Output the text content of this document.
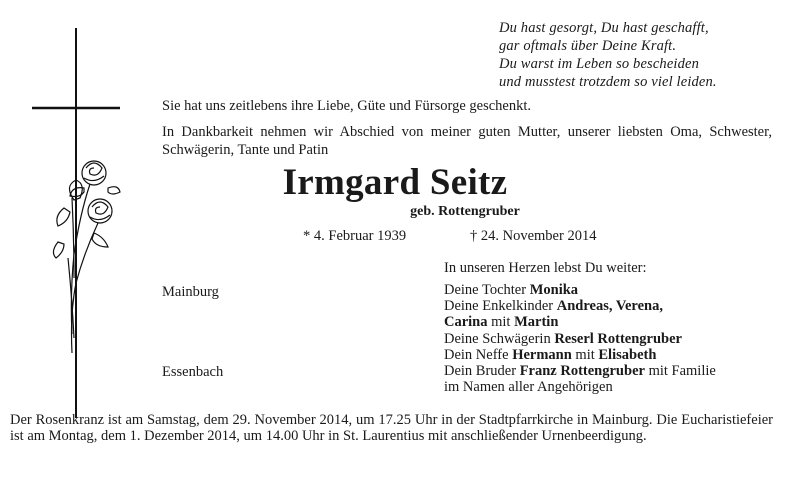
Du hast gesorgt, Du hast geschafft,
gar oftmals über Deine Kraft.
Du warst im Leben so bescheiden
und musstest trotzdem so viel leiden.
Sie hat uns zeitlebens ihre Liebe, Güte und Fürsorge geschenkt.
In Dankbarkeit nehmen wir Abschied von meiner guten Mutter, unserer liebsten Oma, Schwester, Schwägerin, Tante und Patin
Irmgard Seitz
geb. Rottengruber
* 4. Februar 1939	† 24. November 2014
In unseren Herzen lebst Du weiter:
Mainburg
Essenbach
Deine Tochter Monika
Deine Enkelkinder Andreas, Verena,
Carina mit Martin
Deine Schwägerin Reserl Rottengruber
Dein Neffe Hermann mit Elisabeth
Dein Bruder Franz Rottengruber mit Familie
im Namen aller Angehörigen
Der Rosenkranz ist am Samstag, dem 29. November 2014, um 17.25 Uhr in der Stadtpfarrkirche in Mainburg. Die Eucharistiefeier ist am Montag, dem 1. Dezember 2014, um 14.00 Uhr in St. Laurentius mit anschließender Urnenbeerdigung.
